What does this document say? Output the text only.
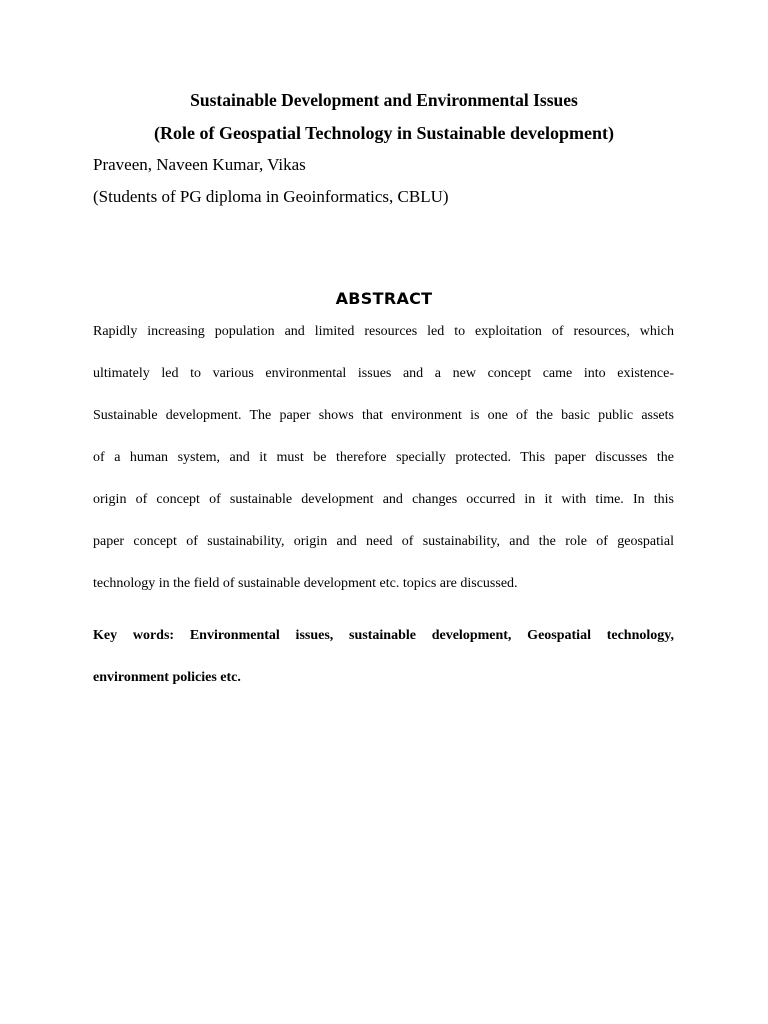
Sustainable Development and Environmental Issues
(Role of Geospatial Technology in Sustainable development)
Praveen, Naveen Kumar, Vikas
(Students of PG diploma in Geoinformatics, CBLU)
ABSTRACT
Rapidly increasing population and limited resources led to exploitation of resources, which
ultimately led to various environmental issues and a new concept came into existence-
Sustainable development. The paper shows that environment is one of the basic public assets
of a human system, and it must be therefore specially protected. This paper discusses the
origin of concept of sustainable development and changes occurred in it with time. In this
paper concept of sustainability, origin and need of sustainability, and the role of geospatial
technology in the field of sustainable development etc. topics are discussed.
Key words: Environmental issues, sustainable development, Geospatial technology,
environment policies etc.
